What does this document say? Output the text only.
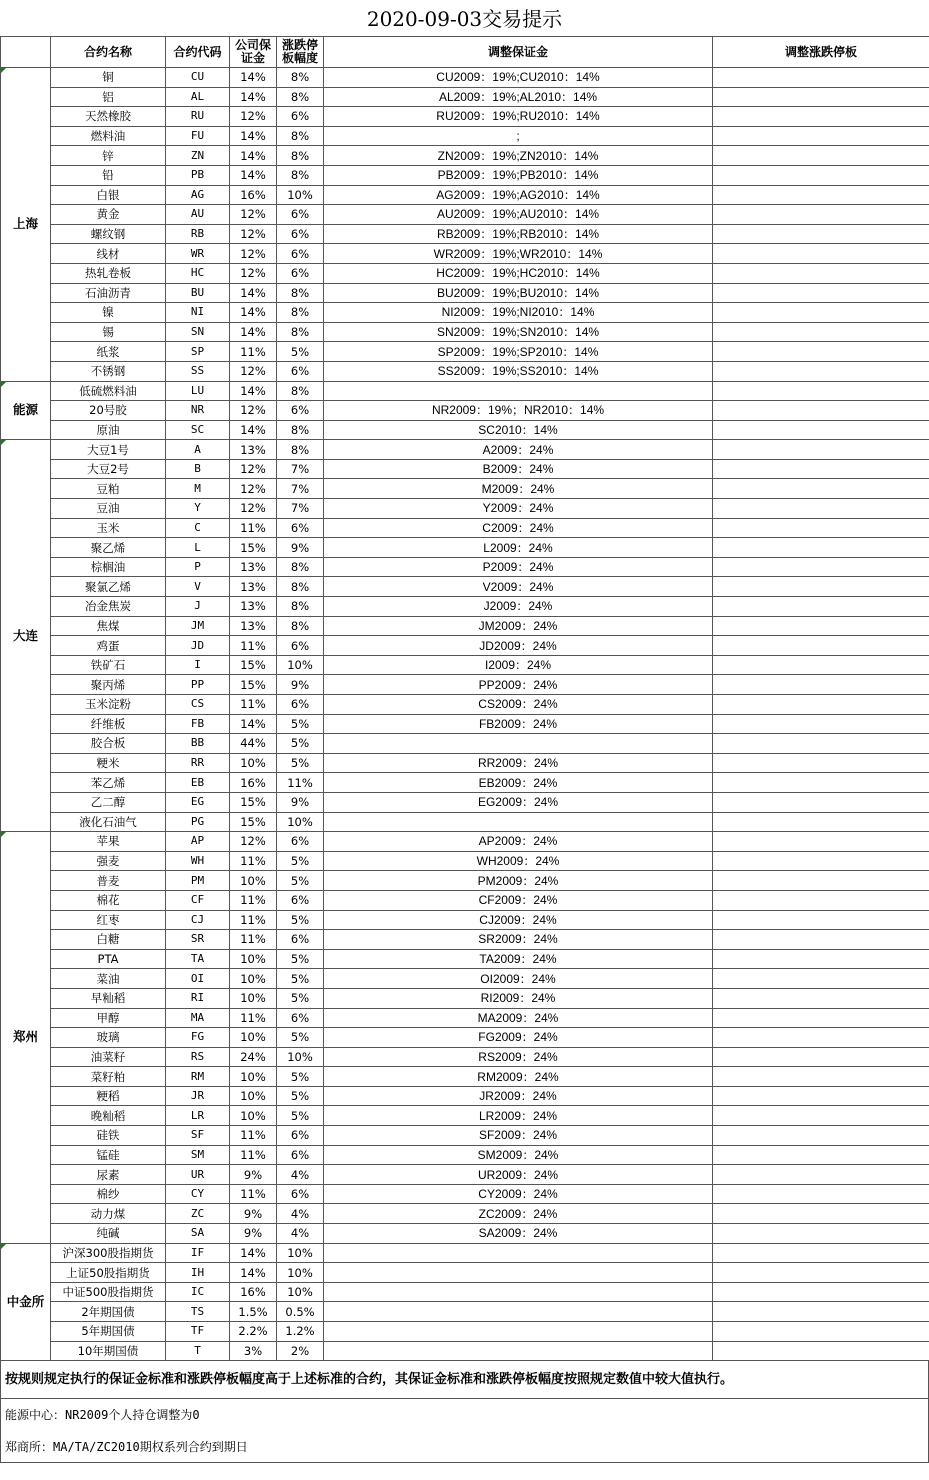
2020-09-03交易提示
	合约名称	合约代码	公司保证金	涨跌停板幅度	调整保证金	调整涨跌停板

上海	铜	CU	14%	8%	CU2009：19%;CU2010：14%	
	铝	AL	14%	8%	AL2009：19%;AL2010：14%	
	天然橡胶	RU	12%	6%	RU2009：19%;RU2010：14%	
	燃料油	FU	14%	8%	;	
	锌	ZN	14%	8%	ZN2009：19%;ZN2010：14%	
	铅	PB	14%	8%	PB2009：19%;PB2010：14%	
	白银	AG	16%	10%	AG2009：19%;AG2010：14%	
	黄金	AU	12%	6%	AU2009：19%;AU2010：14%	
	螺纹钢	RB	12%	6%	RB2009：19%;RB2010：14%	
	线材	WR	12%	6%	WR2009：19%;WR2010：14%	
	热轧卷板	HC	12%	6%	HC2009：19%;HC2010：14%	
	石油沥青	BU	14%	8%	BU2009：19%;BU2010：14%	
	镍	NI	14%	8%	NI2009：19%;NI2010：14%	
	锡	SN	14%	8%	SN2009：19%;SN2010：14%	
	纸浆	SP	11%	5%	SP2009：19%;SP2010：14%	
	不锈钢	SS	12%	6%	SS2009：19%;SS2010：14%	

能源	低硫燃料油	LU	14%	8%		
	20号胶	NR	12%	6%	NR2009：19%；NR2010：14%	
	原油	SC	14%	8%	SC2010：14%	

大连	大豆1号	A	13%	8%	A2009：24%	
	大豆2号	B	12%	7%	B2009：24%	
	豆粕	M	12%	7%	M2009：24%	
	豆油	Y	12%	7%	Y2009：24%	
	玉米	C	11%	6%	C2009：24%	
	聚乙烯	L	15%	9%	L2009：24%	
	棕榈油	P	13%	8%	P2009：24%	
	聚氯乙烯	V	13%	8%	V2009：24%	
	冶金焦炭	J	13%	8%	J2009：24%	
	焦煤	JM	13%	8%	JM2009：24%	
	鸡蛋	JD	11%	6%	JD2009：24%	
	铁矿石	I	15%	10%	I2009：24%	
	聚丙烯	PP	15%	9%	PP2009：24%	
	玉米淀粉	CS	11%	6%	CS2009：24%	
	纤维板	FB	14%	5%	FB2009：24%	
	胶合板	BB	44%	5%		
	粳米	RR	10%	5%	RR2009：24%	
	苯乙烯	EB	16%	11%	EB2009：24%	
	乙二醇	EG	15%	9%	EG2009：24%	
	液化石油气	PG	15%	10%		

郑州	苹果	AP	12%	6%	AP2009：24%	
	强麦	WH	11%	5%	WH2009：24%	
	普麦	PM	10%	5%	PM2009：24%	
	棉花	CF	11%	6%	CF2009：24%	
	红枣	CJ	11%	5%	CJ2009：24%	
	白糖	SR	11%	6%	SR2009：24%	
	PTA	TA	10%	5%	TA2009：24%	
	菜油	OI	10%	5%	OI2009：24%	
	早籼稻	RI	10%	5%	RI2009：24%	
	甲醇	MA	11%	6%	MA2009：24%	
	玻璃	FG	10%	5%	FG2009：24%	
	油菜籽	RS	24%	10%	RS2009：24%	
	菜籽粕	RM	10%	5%	RM2009：24%	
	粳稻	JR	10%	5%	JR2009：24%	
	晚籼稻	LR	10%	5%	LR2009：24%	
	硅铁	SF	11%	6%	SF2009：24%	
	锰硅	SM	11%	6%	SM2009：24%	
	尿素	UR	9%	4%	UR2009：24%	
	棉纱	CY	11%	6%	CY2009：24%	
	动力煤	ZC	9%	4%	ZC2009：24%	
	纯碱	SA	9%	4%	SA2009：24%	

中金所	沪深300股指期货	IF	14%	10%		
	上证50股指期货	IH	14%	10%		
	中证500股指期货	IC	16%	10%		
	2年期国债	TS	1.5%	0.5%		
	5年期国债	TF	2.2%	1.2%		
	10年期国债	T	3%	2%		
按规则规定执行的保证金标准和涨跌停板幅度高于上述标准的合约，其保证金标准和涨跌停板幅度按照规定数值中较大值执行。
能源中心：NR2009个人持仓调整为0
郑商所：MA/TA/ZC2010期权系列合约到期日
